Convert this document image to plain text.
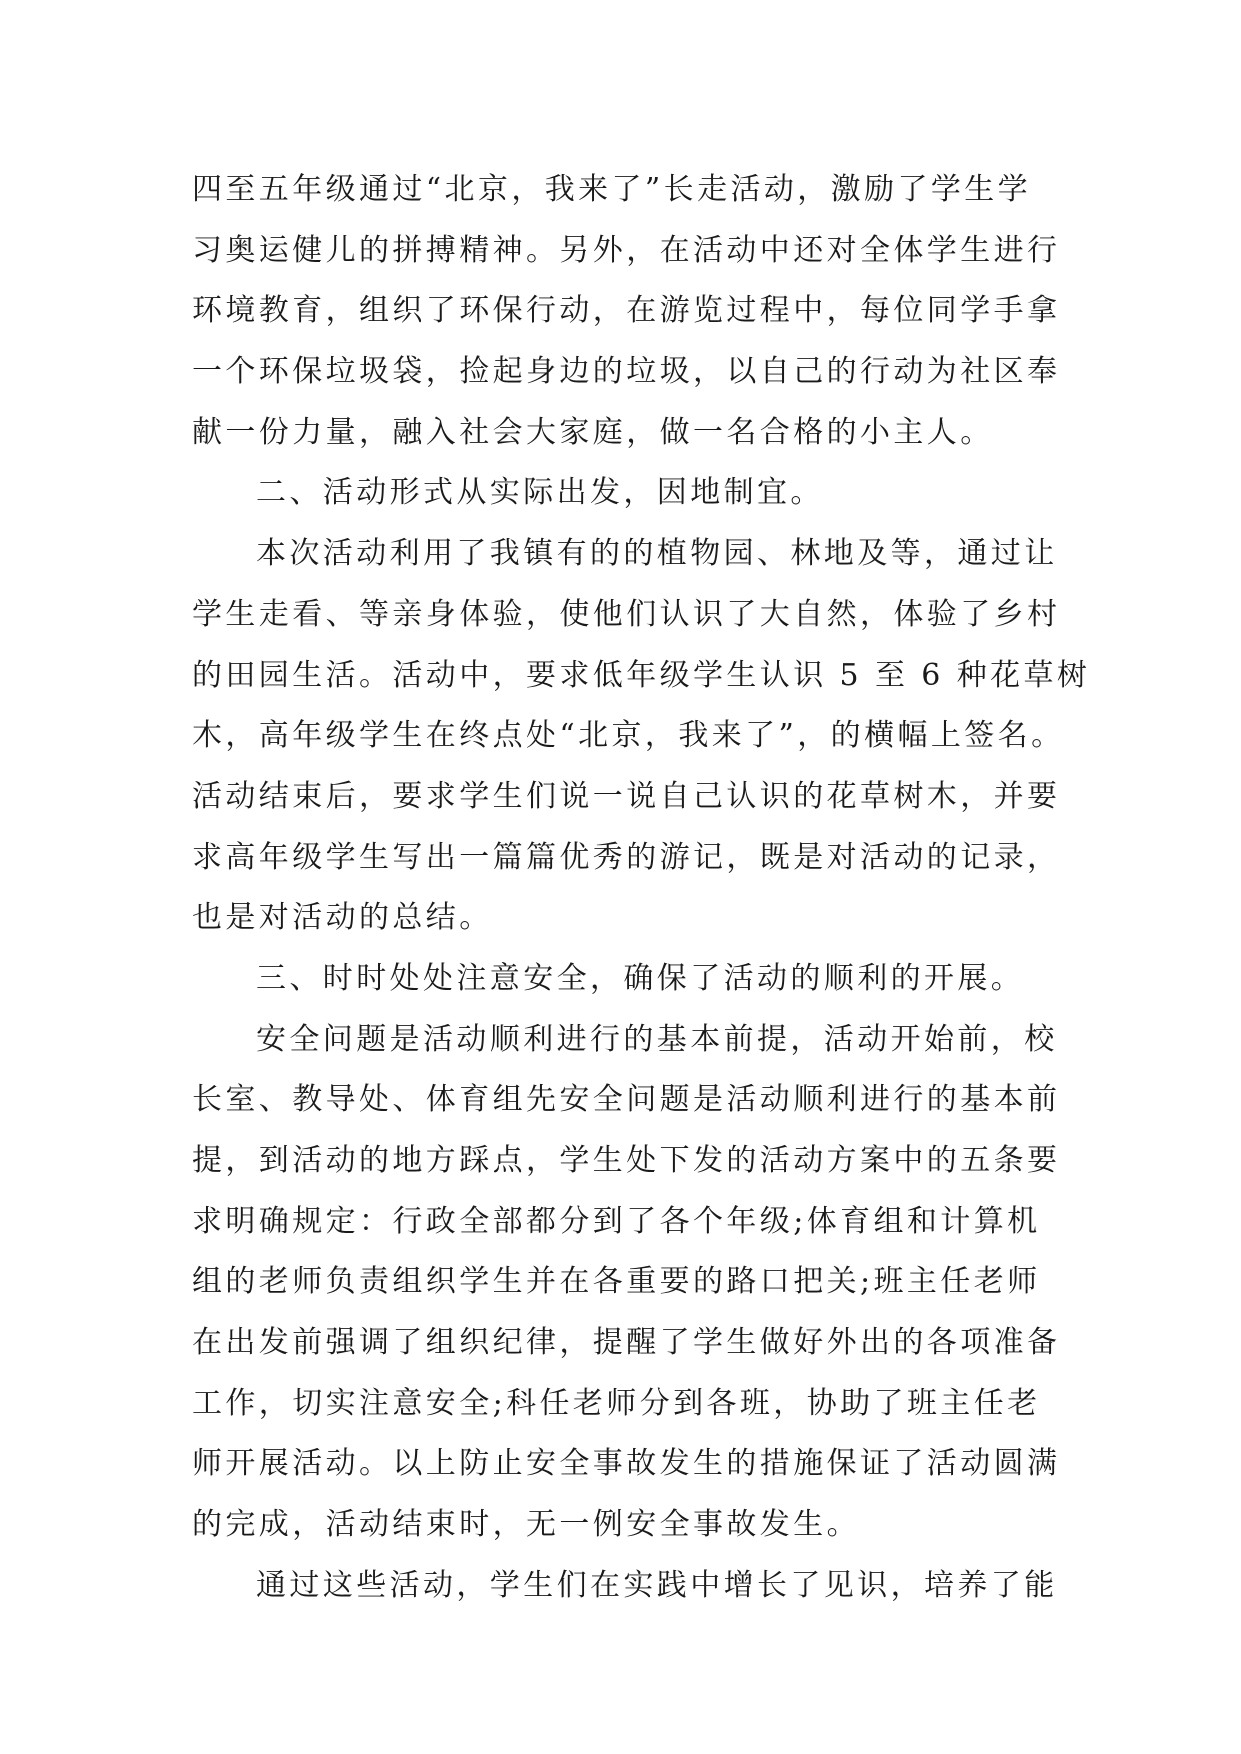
四至五年级通过“北京，我来了”长走活动，激励了学生学
习奥运健儿的拼搏精神。另外，在活动中还对全体学生进行
环境教育，组织了环保行动，在游览过程中，每位同学手拿
一个环保垃圾袋，捡起身边的垃圾，以自己的行动为社区奉
献一份力量，融入社会大家庭，做一名合格的小主人。
二、活动形式从实际出发，因地制宜。
本次活动利用了我镇有的的植物园、林地及等，通过让
学生走看、等亲身体验，使他们认识了大自然，体验了乡村
的田园生活。活动中，要求低年级学生认识 5 至 6 种花草树
木，高年级学生在终点处“北京，我来了”，的横幅上签名。
活动结束后，要求学生们说一说自己认识的花草树木，并要
求高年级学生写出一篇篇优秀的游记，既是对活动的记录，
也是对活动的总结。
三、时时处处注意安全，确保了活动的顺利的开展。
安全问题是活动顺利进行的基本前提，活动开始前，校
长室、教导处、体育组先安全问题是活动顺利进行的基本前
提，到活动的地方踩点，学生处下发的活动方案中的五条要
求明确规定：行政全部都分到了各个年级;体育组和计算机
组的老师负责组织学生并在各重要的路口把关;班主任老师
在出发前强调了组织纪律，提醒了学生做好外出的各项准备
工作，切实注意安全;科任老师分到各班，协助了班主任老
师开展活动。以上防止安全事故发生的措施保证了活动圆满
的完成，活动结束时，无一例安全事故发生。
通过这些活动，学生们在实践中增长了见识，培养了能
